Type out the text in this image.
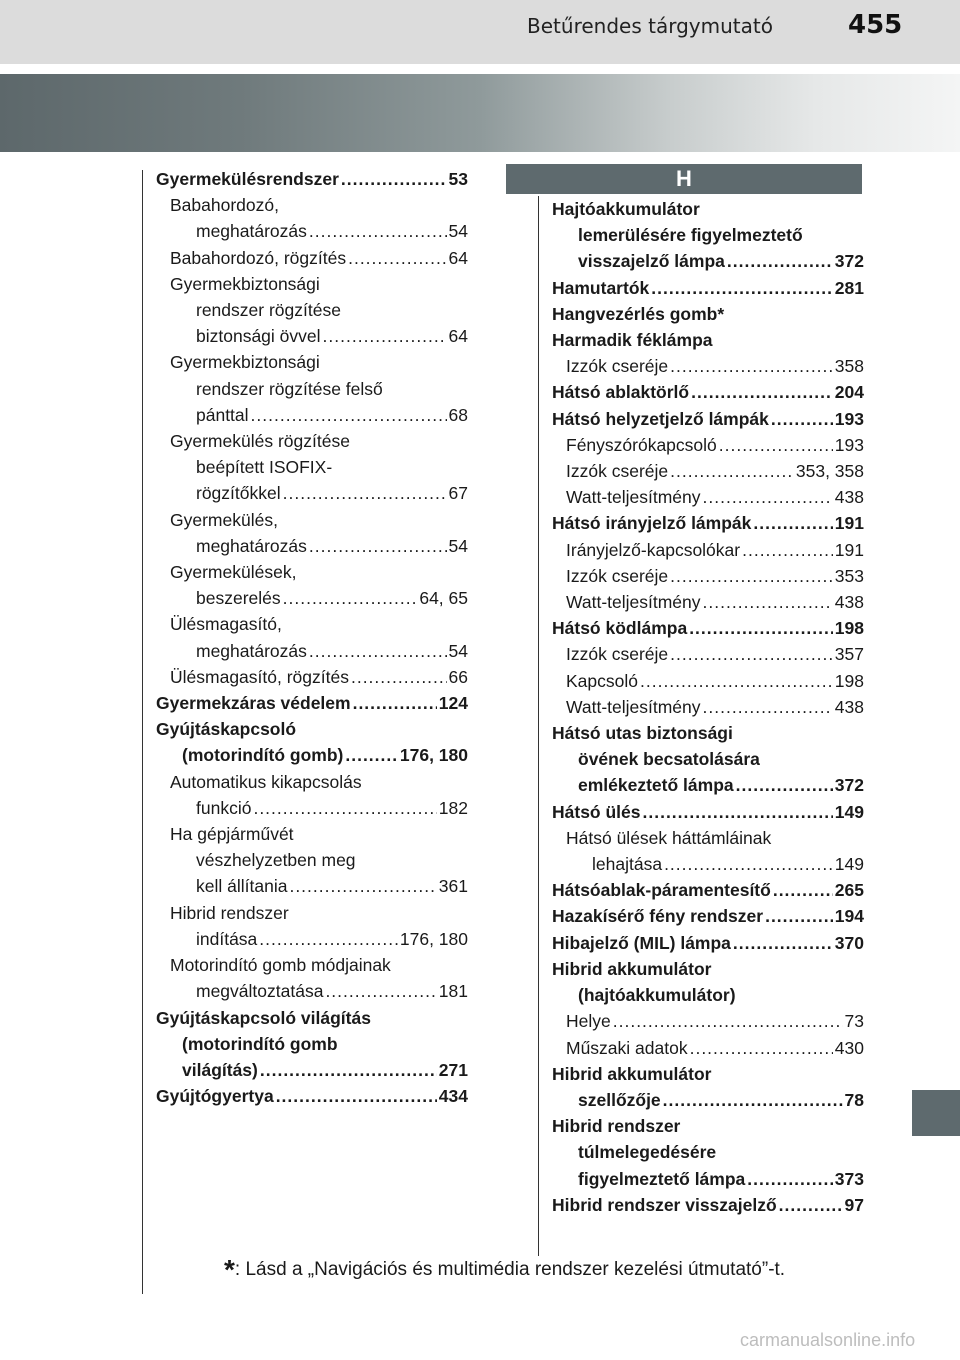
Betűrendes tárgymutató	455
H
Gyermekülésrendszer .....	53
Babahordozó,
meghatározás .....	54
Babahordozó, rögzítés .....	64
Gyermekbiztonsági
rendszer rögzítése
biztonsági övvel .....	64
Gyermekbiztonsági
rendszer rögzítése felső
pánttal .....	68
Gyermekülés rögzítése
beépített ISOFIX-
rögzítőkkel .....	67
Gyermekülés,
meghatározás .....	54
Gyermekülések,
beszerelés .....	64, 65
Ülésmagasító,
meghatározás .....	54
Ülésmagasító, rögzítés .....	66
Gyermekzáras védelem .....	124
Gyújtáskapcsoló
(motorindító gomb) .....	176, 180
Automatikus kikapcsolás
funkció .....	182
Ha gépjárművét
vészhelyzetben meg
kell állítania .....	361
Hibrid rendszer
indítása .....	176, 180
Motorindító gomb módjainak
megváltoztatása .....	181
Gyújtáskapcsoló világítás
(motorindító gomb
világítás) .....	271
Gyújtógyertya .....	434
Hajtóakkumulátor
lemerülésére figyelmeztető
visszajelző lámpa .....	372
Hamutartók .....	281
Hangvezérlés gomb*
Harmadik féklámpa
Izzók cseréje .....	358
Hátsó ablaktörlő .....	204
Hátsó helyzetjelző lámpák .....	193
Fényszórókapcsoló .....	193
Izzók cseréje .....	353, 358
Watt-teljesítmény .....	438
Hátsó irányjelző lámpák .....	191
Irányjelző-kapcsolókar .....	191
Izzók cseréje .....	353
Watt-teljesítmény .....	438
Hátsó ködlámpa .....	198
Izzók cseréje .....	357
Kapcsoló .....	198
Watt-teljesítmény .....	438
Hátsó utas biztonsági
övének becsatolására
emlékeztető lámpa .....	372
Hátsó ülés .....	149
Hátsó ülések háttámláinak
lehajtása .....	149
Hátsóablak-páramentesítő .....	265
Hazakísérő fény rendszer .....	194
Hibajelző (MIL) lámpa .....	370
Hibrid akkumulátor
(hajtóakkumulátor)
Helye .....	73
Műszaki adatok .....	430
Hibrid akkumulátor
szellőzője .....	78
Hibrid rendszer
túlmelegedésére
figyelmeztető lámpa .....	373
Hibrid rendszer visszajelző .....	97
*: Lásd a „Navigációs és multimédia rendszer kezelési útmutató”-t.
carmanualsonline.info
